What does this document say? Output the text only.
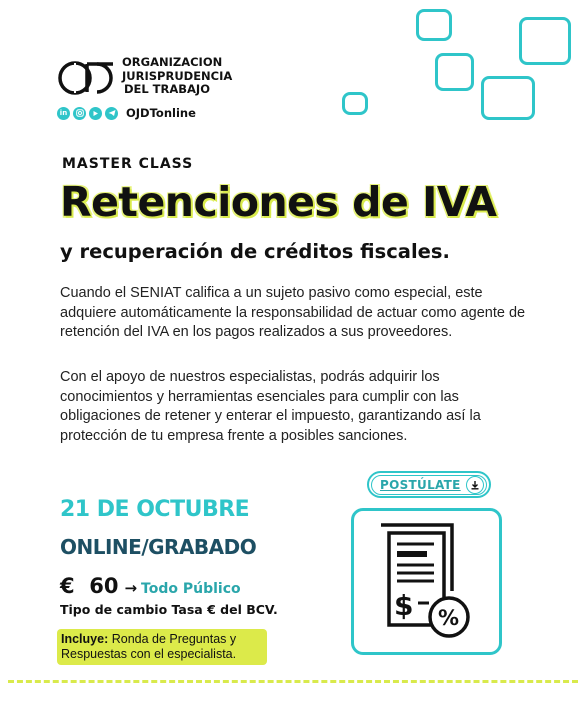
ORGANIZACION
JURISPRUDENCIA
DEL TRABAJO
in	OJDTonline
MASTER CLASS
Retenciones de IVA
y recuperación de créditos fiscales.
Cuando el SENIAT califica a un sujeto pasivo como especial, este adquiere automáticamente la responsabilidad de actuar como agente de retención del IVA en los pagos realizados a sus proveedores.
Con el apoyo de nuestros especialistas, podrás adquirir los conocimientos y herramientas esenciales para cumplir con las obligaciones de retener y enterar el impuesto, garantizando así la protección de tu empresa frente a posibles sanciones.
21 DE OCTUBRE
ONLINE/GRABADO
€  60 → Todo Público
Tipo de cambio Tasa € del BCV.
Incluye: Ronda de Preguntas y Respuestas con el especialista.
POSTÚLATE
$ %
